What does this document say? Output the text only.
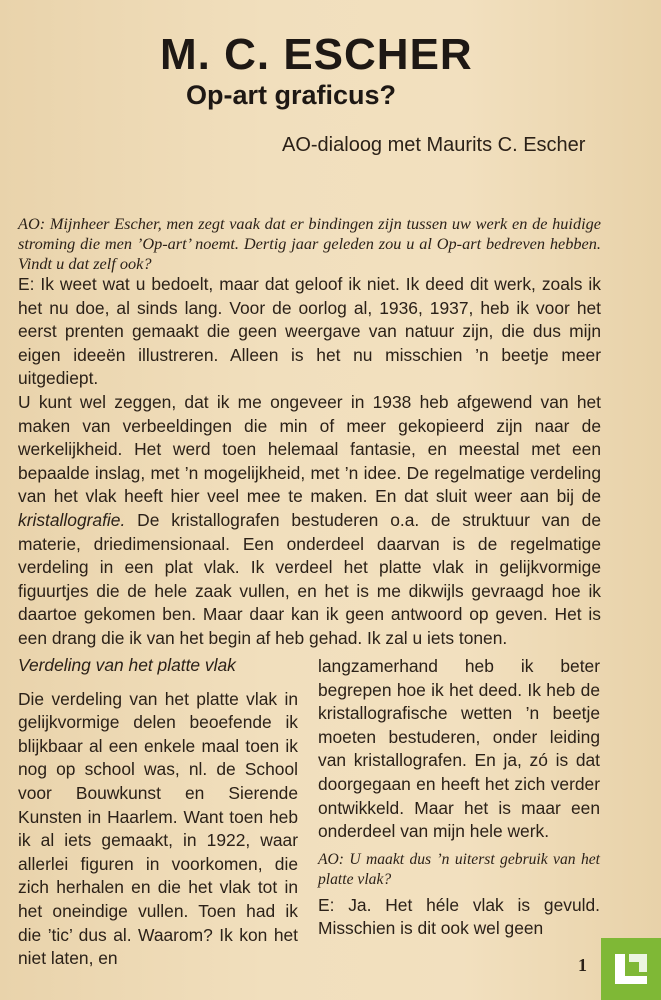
M. C. ESCHER
Op-art graficus?
AO-dialoog met Maurits C. Escher
AO: Mijnheer Escher, men zegt vaak dat er bindingen zijn tussen uw werk en de huidige stroming die men ’Op-art’ noemt. Dertig jaar geleden zou u al Op-art bedreven hebben. Vindt u dat zelf ook?

E: Ik weet wat u bedoelt, maar dat geloof ik niet. Ik deed dit werk, zoals ik het nu doe, al sinds lang. Voor de oorlog al, 1936, 1937, heb ik voor het eerst prenten gemaakt die geen weergave van natuur zijn, die dus mijn eigen ideeën illustreren. Alleen is het nu misschien ’n beetje meer uitgediept.

U kunt wel zeggen, dat ik me ongeveer in 1938 heb afgewend van het maken van verbeeldingen die min of meer gekopieerd zijn naar de werkelijkheid. Het werd toen helemaal fantasie, en meestal met een bepaalde inslag, met ’n mogelijkheid, met ’n idee. De regelmatige verdeling van het vlak heeft hier veel mee te maken. En dat sluit weer aan bij de kristallografie. De kristallografen bestuderen o.a. de struktuur van de materie, driedimensionaal. Een onderdeel daarvan is de regelmatige verdeling in een plat vlak. Ik verdeel het platte vlak in gelijkvormige figuurtjes die de hele zaak vullen, en het is me dikwijls gevraagd hoe ik daartoe gekomen ben. Maar daar kan ik geen antwoord op geven. Het is een drang die ik van het begin af heb gehad. Ik zal u iets tonen.

Verdeling van het platte vlak

Die verdeling van het platte vlak in gelijkvormige delen beoefende ik blijkbaar al een enkele maal toen ik nog op school was, nl. de School voor Bouwkunst en Sierende Kunsten in Haarlem. Want toen heb ik al iets gemaakt, in 1922, waar allerlei figuren in voorkomen, die zich herhalen en die het vlak tot in het oneindige vullen. Toen had ik die ’tic’ dus al. Waarom? Ik kon het niet laten, en

langzamerhand heb ik beter begrepen hoe ik het deed. Ik heb de kristallografische wetten ’n beetje moeten bestuderen, onder leiding van kristallografen. En ja, zó is dat doorgegaan en heeft het zich verder ontwikkeld. Maar het is maar een onderdeel van mijn hele werk.

AO: U maakt dus ’n uiterst gebruik van het platte vlak?

E: Ja. Het héle vlak is gevuld. Misschien is dit ook wel geen

1
